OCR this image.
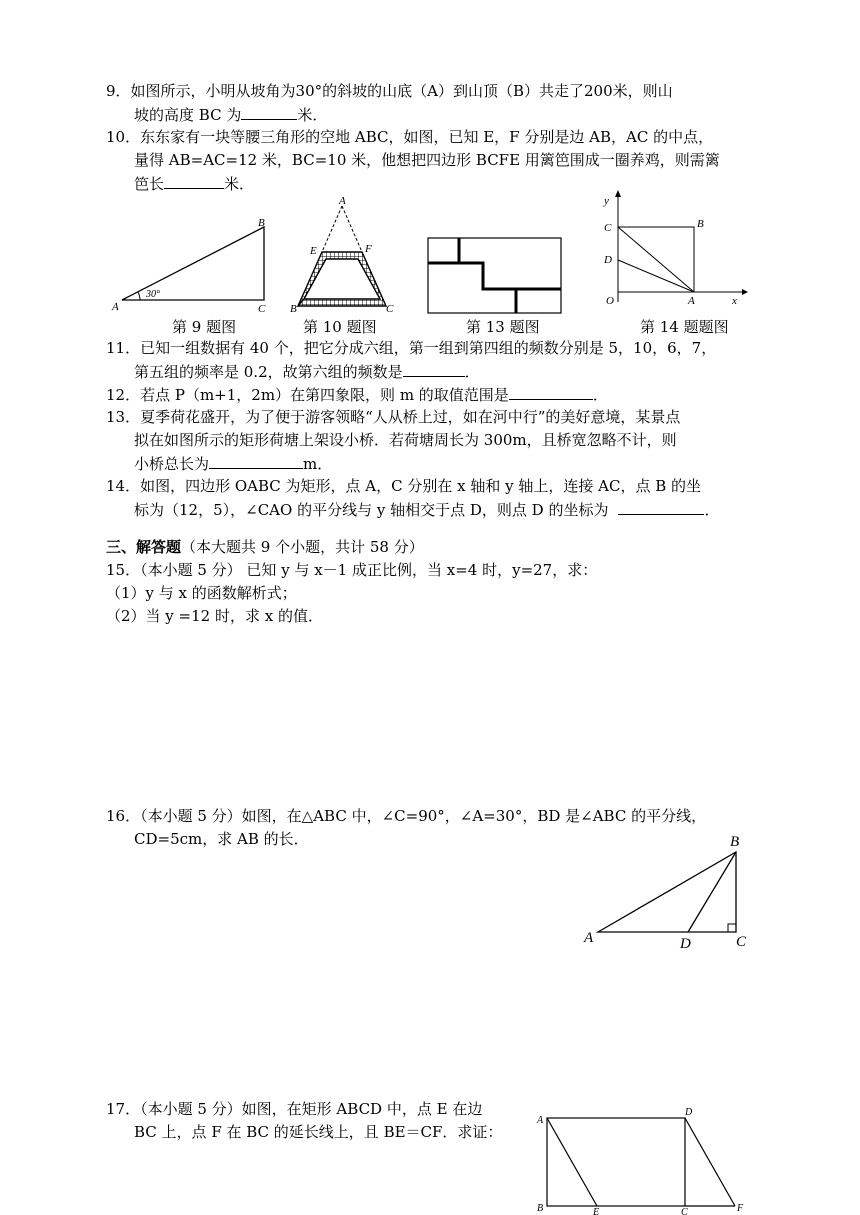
9．如图所示，小明从坡角为30°的斜坡的山底（A）到山顶（B）共走了200米，则山
坡的高度 BC 为	米．
10．东东家有一块等腰三角形的空地 ABC，如图，已知 E，F 分别是边 AB，AC 的中点，
量得 AB=AC=12 米，BC=10 米，他想把四边形 BCFE 用篱笆围成一圈养鸡，则需篱
笆长	米．
A
B
C
30°
第 9 题图
A
E	F
B	C
第 10 题图	第 13 题图
y
C	B
D
O	A	x
第 14 题题图
11．已知一组数据有 40 个，把它分成六组，第一组到第四组的频数分别是 5，10，6，7，
第五组的频率是 0.2，故第六组的频数是	．
12．若点 P（m+1，2m）在第四象限，则 m 的取值范围是	．
13．夏季荷花盛开，为了便于游客领略“人从桥上过，如在河中行”的美好意境，某景点
拟在如图所示的矩形荷塘上架设小桥．若荷塘周长为 300m，且桥宽忽略不计，则
小桥总长为	m．
14．如图，四边形 OABC 为矩形，点 A，C 分别在 x 轴和 y 轴上，连接 AC，点 B 的坐
标为（12，5），∠CAO 的平分线与 y 轴相交于点 D，则点 D 的坐标为	．
三、解答题（本大题共 9 个小题，共计 58 分）
15．（本小题 5 分） 已知 y 与 x－1 成正比例，当 x=4 时，y=27，求：
（1）y 与 x 的函数解析式；
（2）当 y =12 时，求 x 的值．
16．（本小题 5 分）如图，在△ABC 中，∠C=90°，∠A=30°，BD 是∠ABC 的平分线，
CD=5cm，求 AB 的长．	B
A	D	C
17．（本小题 5 分）如图，在矩形 ABCD 中，点 E 在边
BC 上，点 F 在 BC 的延长线上，且 BE＝CF．求证：
A
D
B	E	C	F
